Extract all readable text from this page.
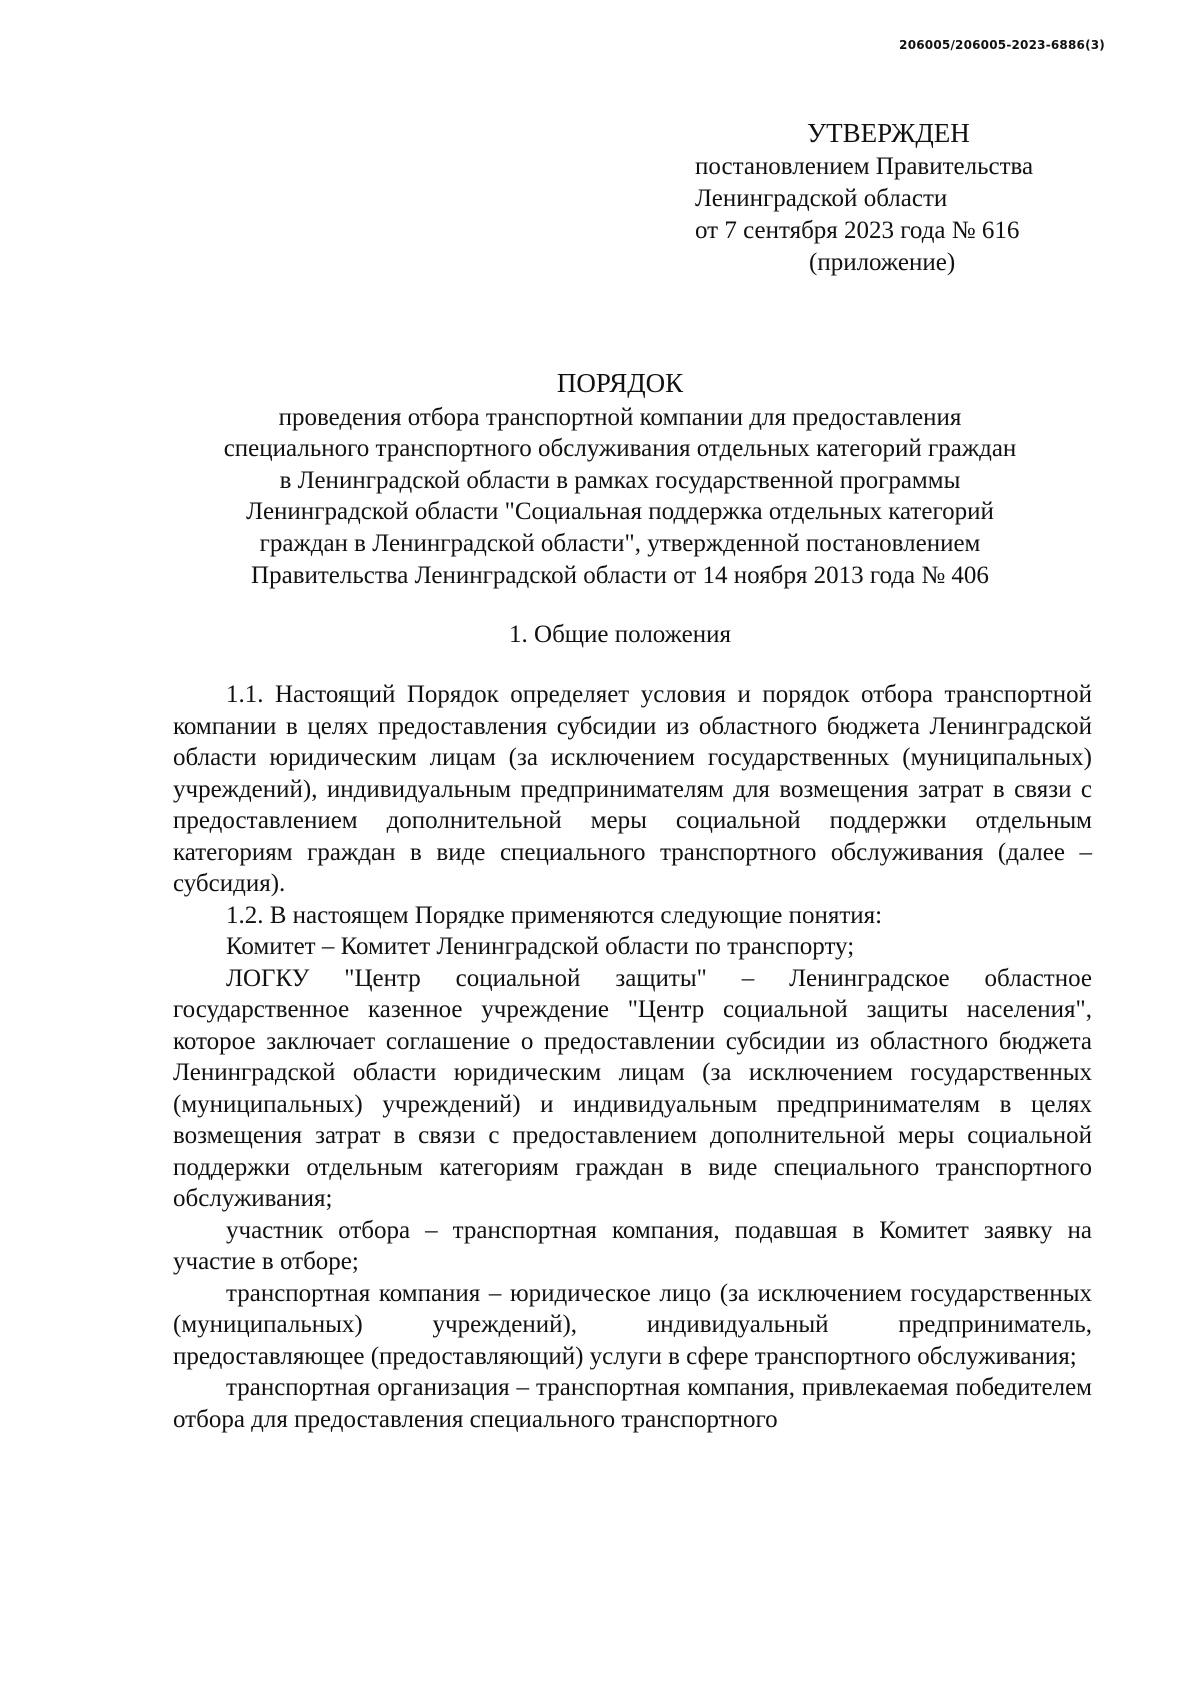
206005/206005-2023-6886(3)
УТВЕРЖДЕН
постановлением Правительства
Ленинградской области
от 7 сентября 2023 года № 616
(приложение)
ПОРЯДОК
проведения отбора транспортной компании для предоставления
специального транспортного обслуживания отдельных категорий граждан
в Ленинградской области в рамках государственной программы
Ленинградской области "Социальная поддержка отдельных категорий
граждан в Ленинградской области", утвержденной постановлением
Правительства Ленинградской области от 14 ноября 2013 года № 406
1. Общие положения

1.1. Настоящий Порядок определяет условия и порядок отбора транспортной компании в целях предоставления субсидии из областного бюджета Ленинградской области юридическим лицам (за исключением государственных (муниципальных) учреждений), индивидуальным предпринимателям для возмещения затрат в связи с предоставлением дополнительной меры социальной поддержки отдельным категориям граждан в виде специального транспортного обслуживания (далее – субсидия).

1.2. В настоящем Порядке применяются следующие понятия:

Комитет – Комитет Ленинградской области по транспорту;

ЛОГКУ "Центр социальной защиты" – Ленинградское областное государственное казенное учреждение "Центр социальной защиты населения", которое заключает соглашение о предоставлении субсидии из областного бюджета Ленинградской области юридическим лицам (за исключением государственных (муниципальных) учреждений) и индивидуальным предпринимателям в целях возмещения затрат в связи с предоставлением дополнительной меры социальной поддержки отдельным категориям граждан в виде специального транспортного обслуживания;

участник отбора – транспортная компания, подавшая в Комитет заявку на участие в отборе;

транспортная компания – юридическое лицо (за исключением государственных (муниципальных) учреждений), индивидуальный предприниматель, предоставляющее (предоставляющий) услуги в сфере транспортного обслуживания;

транспортная организация – транспортная компания, привлекаемая победителем отбора для предоставления специального транспортного
